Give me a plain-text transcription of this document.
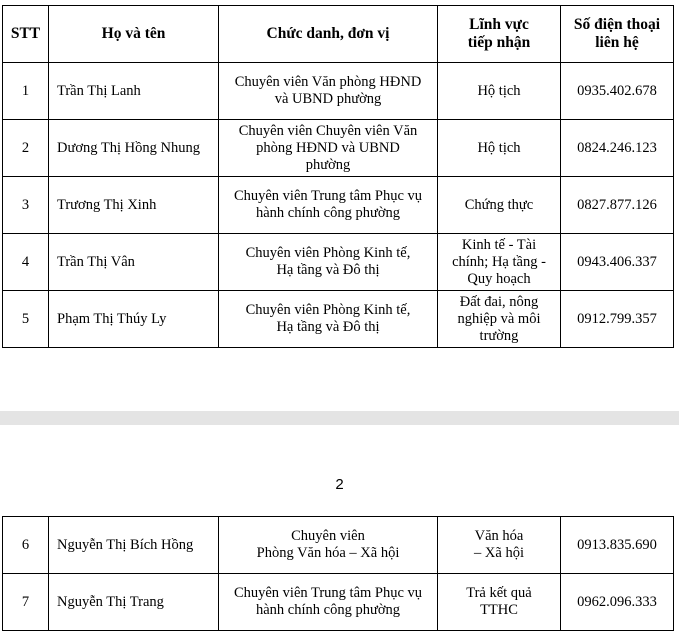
STT	Họ và tên	Chức danh, đơn vị	Lĩnh vực
tiếp nhận	Số điện thoại
liên hệ
1	Trần Thị Lanh	Chuyên viên Văn phòng HĐND
và UBND phường	Hộ tịch	0935.402.678
2	Dương Thị Hồng Nhung	Chuyên viên Chuyên viên Văn
phòng HĐND và UBND
phường	Hộ tịch	0824.246.123
3	Trương Thị Xinh	Chuyên viên Trung tâm Phục vụ
hành chính công phường	Chứng thực	0827.877.126
4	Trần Thị Vân	Chuyên viên Phòng Kinh tế,
Hạ tầng và Đô thị	Kinh tế - Tài
chính; Hạ tầng -
Quy hoạch	0943.406.337
5	Phạm Thị Thúy Ly	Chuyên viên Phòng Kinh tế,
Hạ tầng và Đô thị	Đất đai, nông
nghiệp và môi
trường	0912.799.357
2
6	Nguyễn Thị Bích Hồng	Chuyên viên
Phòng Văn hóa – Xã hội	Văn hóa
– Xã hội	0913.835.690
7	Nguyễn Thị Trang	Chuyên viên Trung tâm Phục vụ
hành chính công phường	Trả kết quả
TTHC	0962.096.333
